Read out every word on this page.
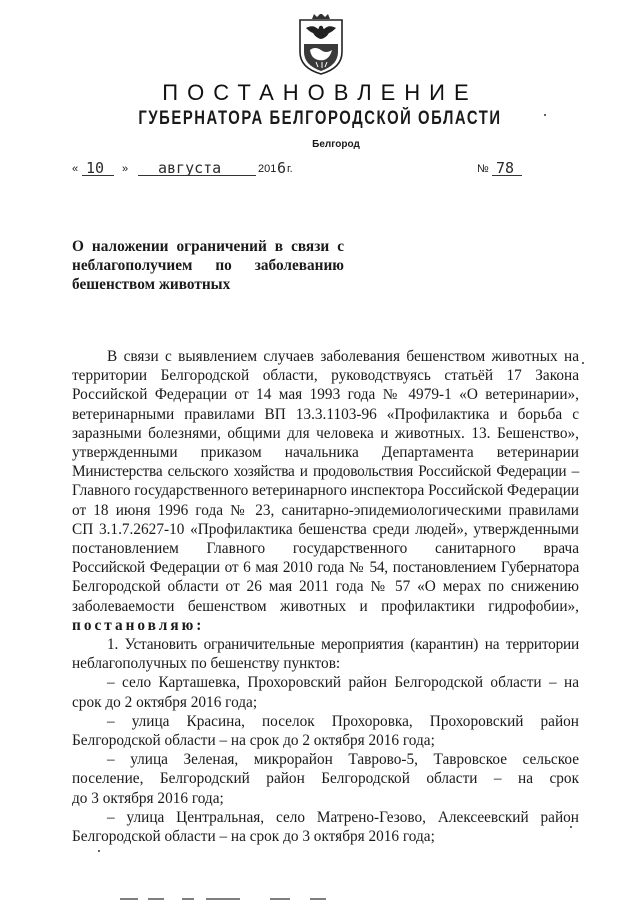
ПОСТАНОВЛЕНИЕ
ГУБЕРНАТОРА БЕЛГОРОДСКОЙ ОБЛАСТИ
Белгород
« 10 » августа	201 6 г.	№ 78

О наложении ограничений в связи с

неблагополучием по заболеванию

бешенством животных

В связи с выявлением случаев заболевания бешенством животных на
территории Белгородской области, руководствуясь статьёй 17 Закона
Российской Федерации от 14 мая 1993 года № 4979-1 «О ветеринарии»,
ветеринарными правилами ВП 13.3.1103-96 «Профилактика и борьба с
заразными болезнями, общими для человека и животных. 13. Бешенство»,
утвержденными приказом начальника Департамента ветеринарии
Министерства сельского хозяйства и продовольствия Российской Федерации –
Главного государственного ветеринарного инспектора Российской Федерации
от 18 июня 1996 года № 23, санитарно-эпидемиологическими правилами
СП 3.1.7.2627-10 «Профилактика бешенства среди людей», утвержденными
постановлением Главного государственного санитарного врача
Российской Федерации от 6 мая 2010 года № 54, постановлением Губернатора
Белгородской области от 26 мая 2011 года № 57 «О мерах по снижению
заболеваемости бешенством животных и профилактики гидрофобии»,
постановляю:
1. Установить ограничительные мероприятия (карантин) на территории
неблагополучных по бешенству пунктов:
– село Карташевка, Прохоровский район Белгородской области – на
срок до 2 октября 2016 года;
– улица Красина, поселок Прохоровка, Прохоровский район
Белгородской области – на срок до 2 октября 2016 года;
– улица Зеленая, микрорайон Таврово-5, Тавровское сельское
поселение, Белгородский район Белгородской области – на срок
до 3 октября 2016 года;
– улица Центральная, село Матрено-Гезово, Алексеевский район
Белгородской области – на срок до 3 октября 2016 года;
